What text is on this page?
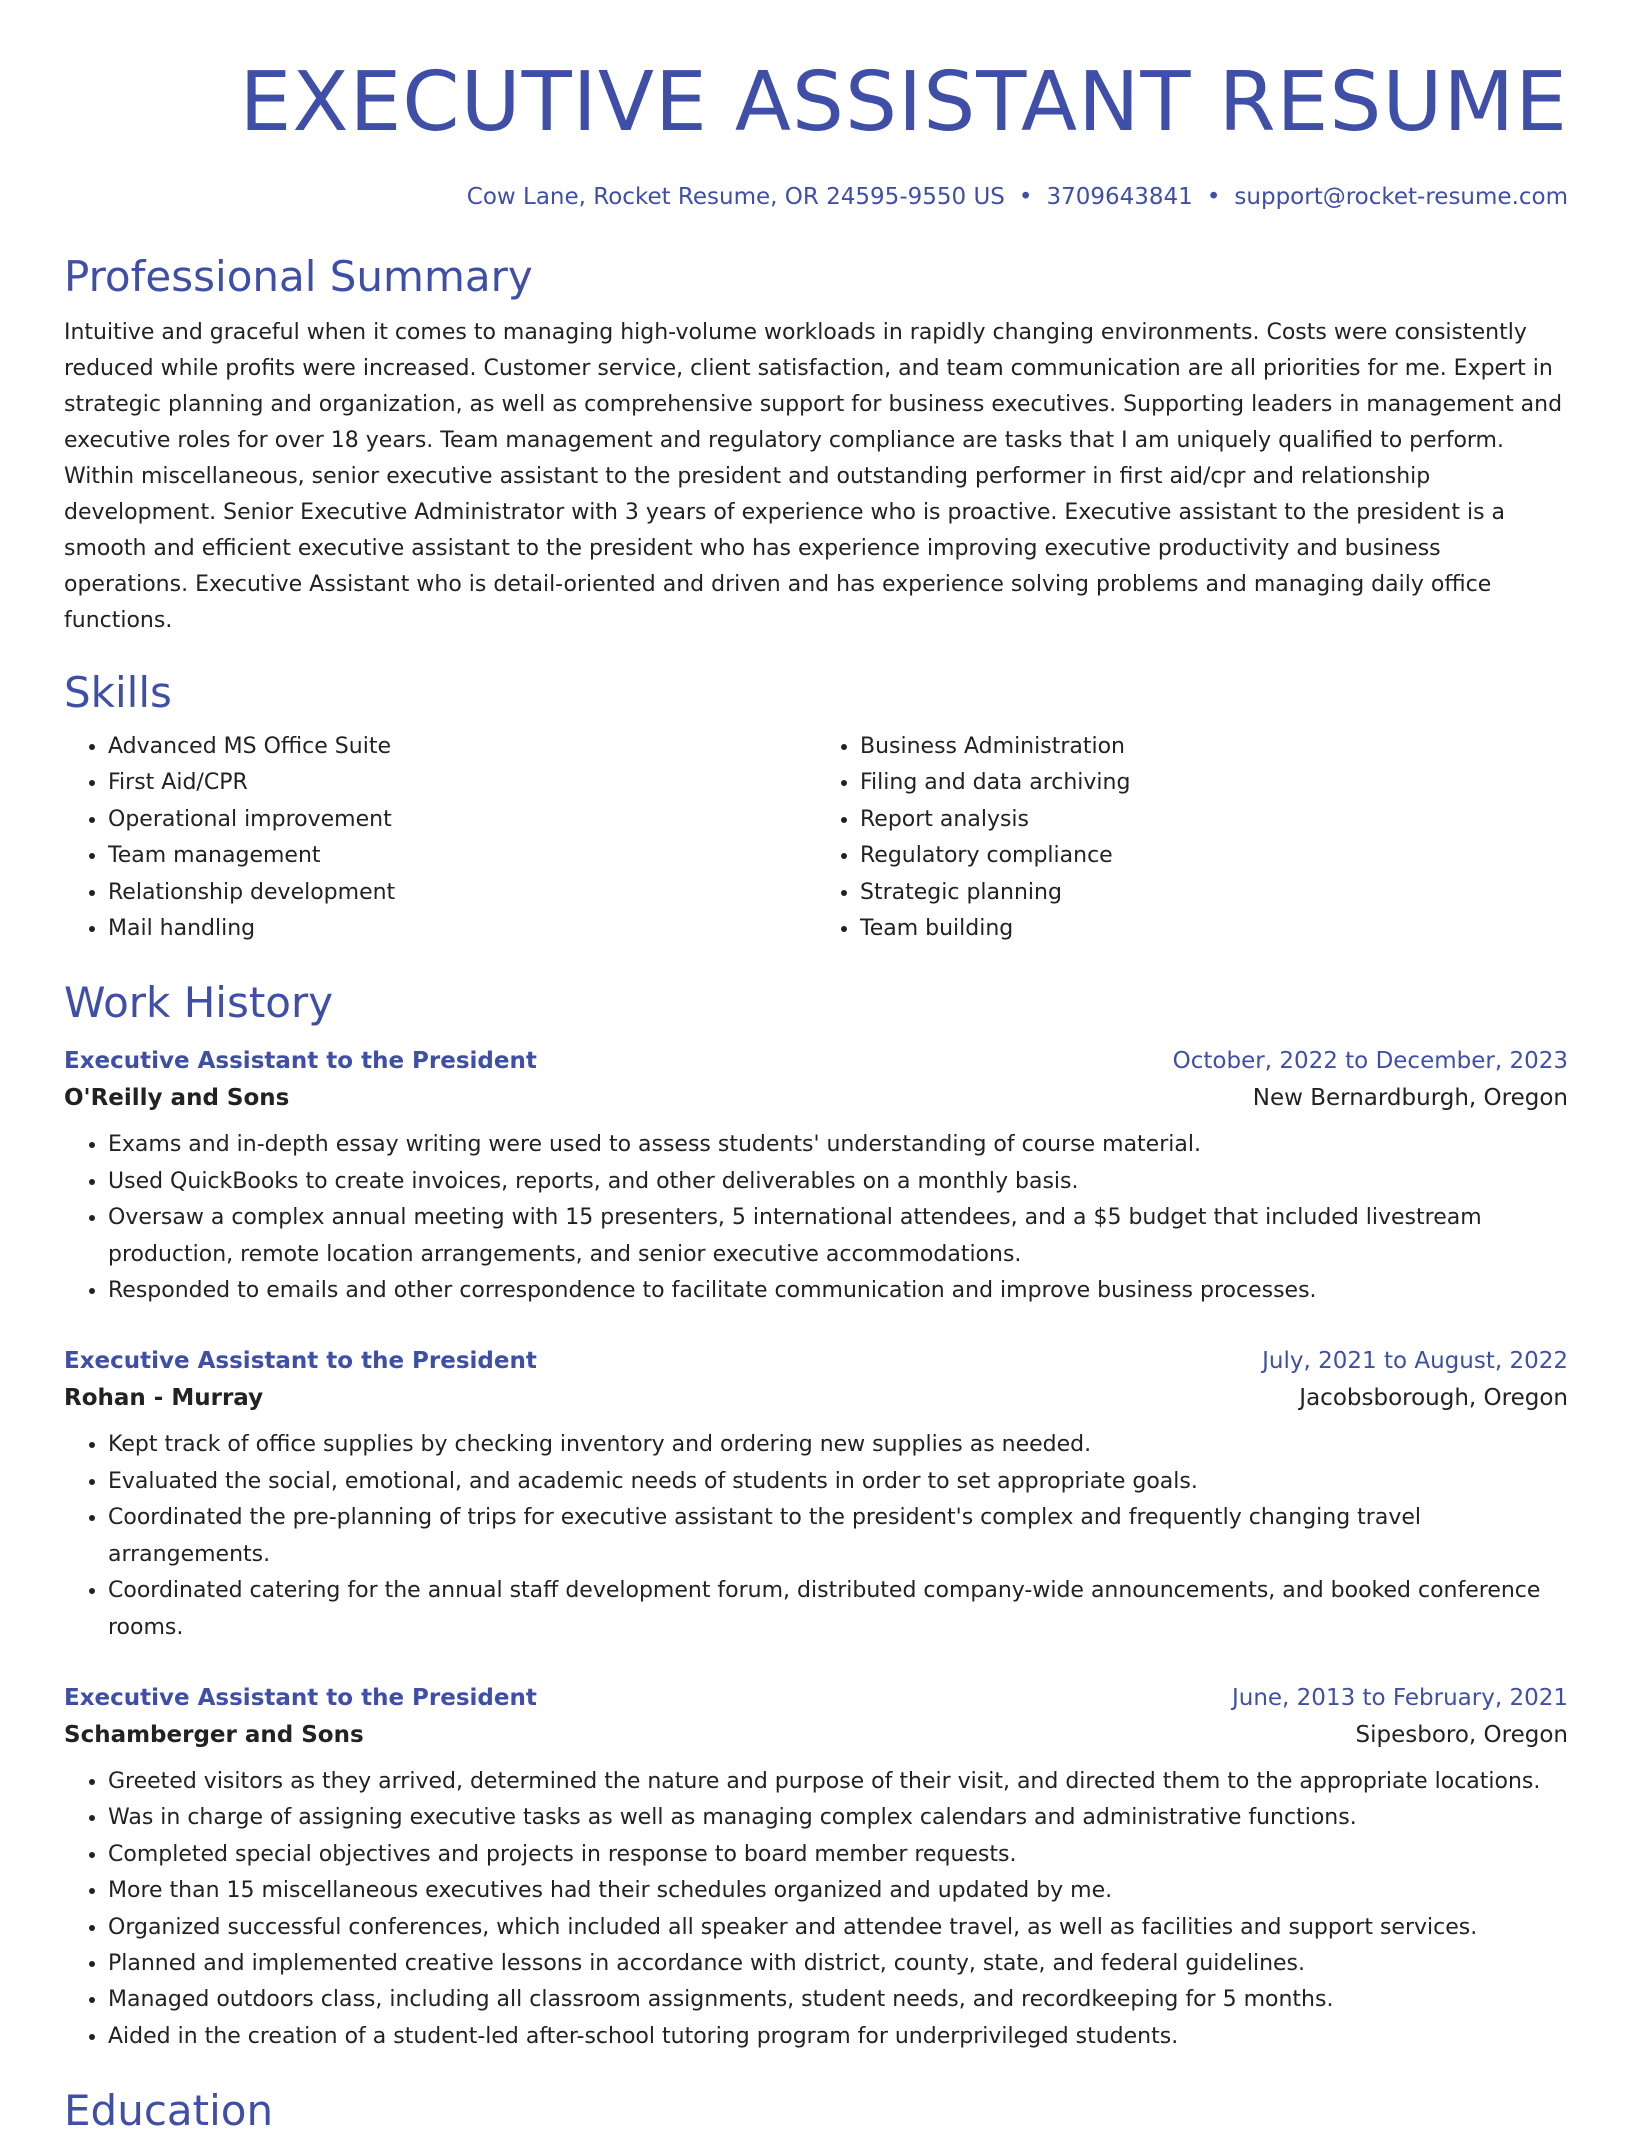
EXECUTIVE ASSISTANT RESUME
Cow Lane, Rocket Resume, OR 24595-9550 US • 3709643841 • support@rocket-resume.com
Professional Summary
Intuitive and graceful when it comes to managing high-volume workloads in rapidly changing environments. Costs were consistently reduced while profits were increased. Customer service, client satisfaction, and team communication are all priorities for me. Expert in strategic planning and organization, as well as comprehensive support for business executives. Supporting leaders in management and executive roles for over 18 years. Team management and regulatory compliance are tasks that I am uniquely qualified to perform. Within miscellaneous, senior executive assistant to the president and outstanding performer in first aid/cpr and relationship development. Senior Executive Administrator with 3 years of experience who is proactive. Executive assistant to the president is a smooth and efficient executive assistant to the president who has experience improving executive productivity and business operations. Executive Assistant who is detail-oriented and driven and has experience solving problems and managing daily office functions.
Skills
• Advanced MS Office Suite
• First Aid/CPR
• Operational improvement
• Team management
• Relationship development
• Mail handling
• Business Administration
• Filing and data archiving
• Report analysis
• Regulatory compliance
• Strategic planning
• Team building
Work History
Executive Assistant to the President	October, 2022 to December, 2023
O'Reilly and Sons	New Bernardburgh, Oregon
• Exams and in-depth essay writing were used to assess students' understanding of course material.
• Used QuickBooks to create invoices, reports, and other deliverables on a monthly basis.
• Oversaw a complex annual meeting with 15 presenters, 5 international attendees, and a $5 budget that included livestream production, remote location arrangements, and senior executive accommodations.
• Responded to emails and other correspondence to facilitate communication and improve business processes.
Executive Assistant to the President	July, 2021 to August, 2022
Rohan - Murray	Jacobsborough, Oregon
• Kept track of office supplies by checking inventory and ordering new supplies as needed.
• Evaluated the social, emotional, and academic needs of students in order to set appropriate goals.
• Coordinated the pre-planning of trips for executive assistant to the president's complex and frequently changing travel arrangements.
• Coordinated catering for the annual staff development forum, distributed company-wide announcements, and booked conference rooms.
Executive Assistant to the President	June, 2013 to February, 2021
Schamberger and Sons	Sipesboro, Oregon
• Greeted visitors as they arrived, determined the nature and purpose of their visit, and directed them to the appropriate locations.
• Was in charge of assigning executive tasks as well as managing complex calendars and administrative functions.
• Completed special objectives and projects in response to board member requests.
• More than 15 miscellaneous executives had their schedules organized and updated by me.
• Organized successful conferences, which included all speaker and attendee travel, as well as facilities and support services.
• Planned and implemented creative lessons in accordance with district, county, state, and federal guidelines.
• Managed outdoors class, including all classroom assignments, student needs, and recordkeeping for 5 months.
• Aided in the creation of a student-led after-school tutoring program for underprivileged students.
Education
